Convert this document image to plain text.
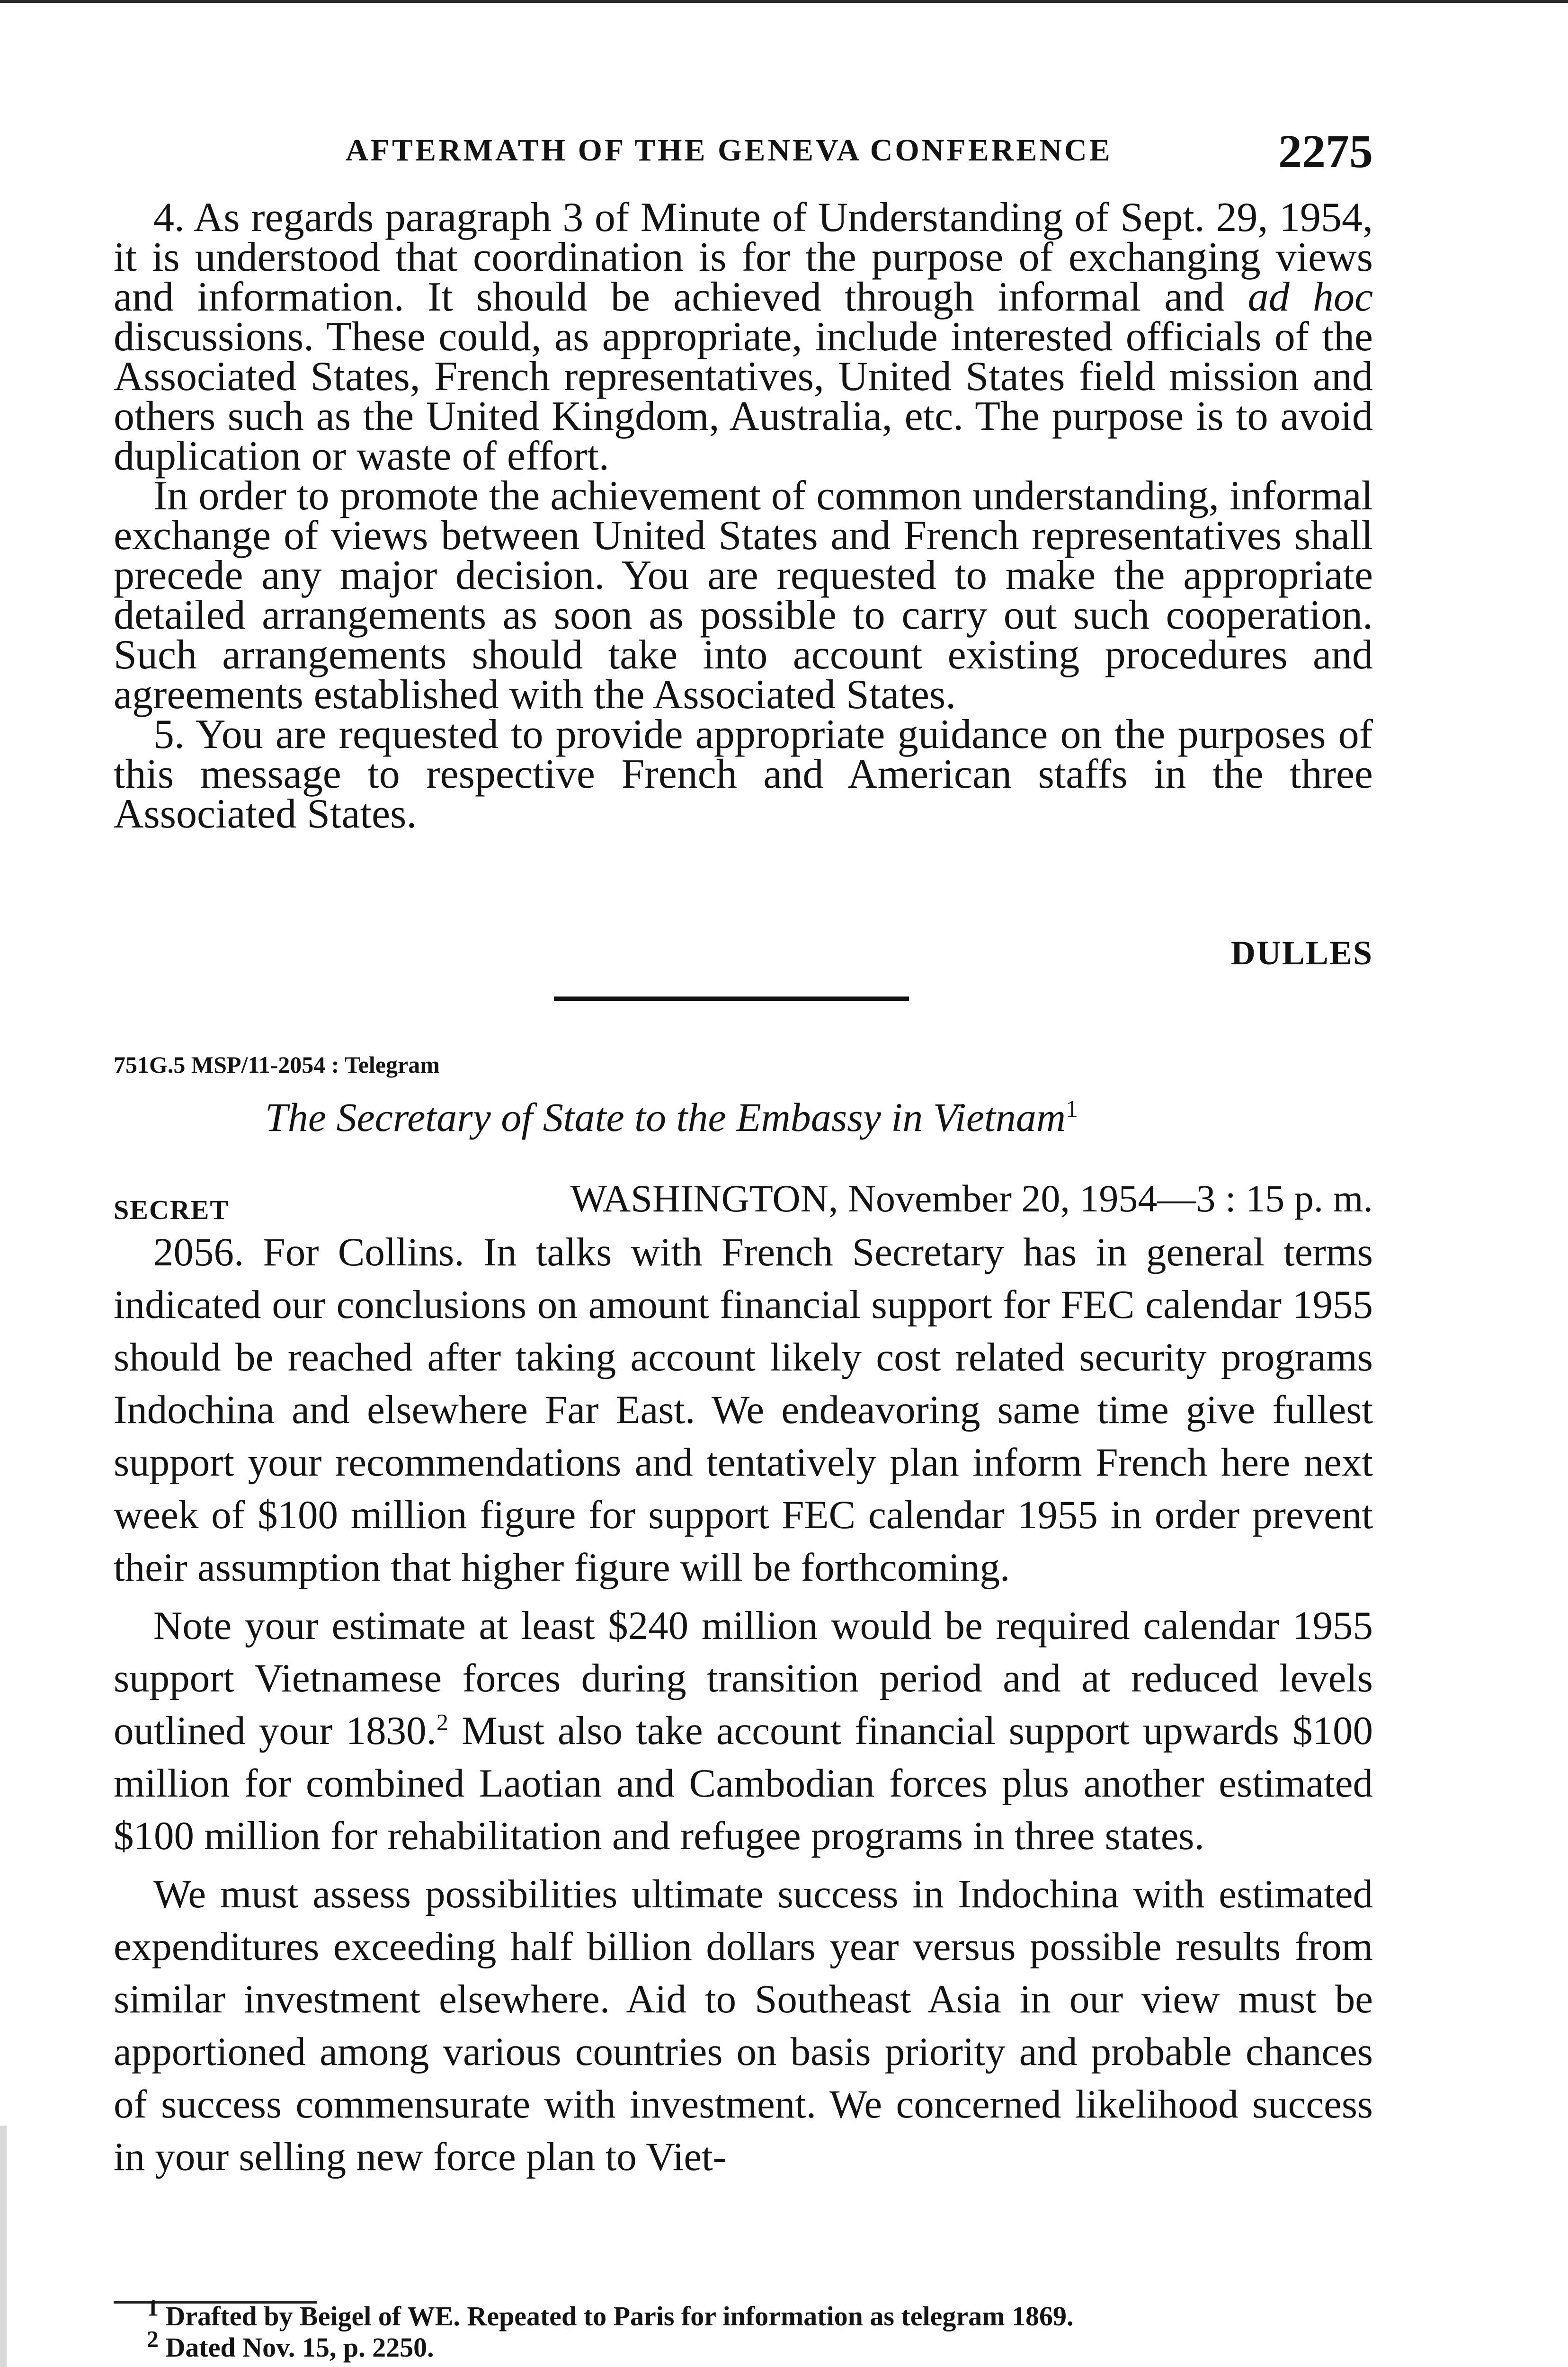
AFTERMATH OF THE GENEVA CONFERENCE	2275

4. As regards paragraph 3 of Minute of Understanding of Sept. 29, 1954, it is understood that coordination is for the purpose of exchanging views and information. It should be achieved through informal and ad hoc discussions. These could, as appropriate, include interested officials of the Associated States, French representatives, United States field mission and others such as the United Kingdom, Australia, etc. The purpose is to avoid duplication or waste of effort.

In order to promote the achievement of common understanding, informal exchange of views between United States and French representatives shall precede any major decision. You are requested to make the appropriate detailed arrangements as soon as possible to carry out such cooperation. Such arrangements should take into account existing procedures and agreements established with the Associated States.

5. You are requested to provide appropriate guidance on the purposes of this message to respective French and American staffs in the three Associated States.

DULLES
751G.5 MSP/11-2054 : Telegram
The Secretary of State to the Embassy in Vietnam$^1$
SECRET	WASHINGTON, November 20, 1954—3 : 15 p. m.

2056. For Collins. In talks with French Secretary has in general terms indicated our conclusions on amount financial support for FEC calendar 1955 should be reached after taking account likely cost related security programs Indochina and elsewhere Far East. We endeavoring same time give fullest support your recommendations and tentatively plan inform French here next week of $100 million figure for support FEC calendar 1955 in order prevent their assumption that higher figure will be forthcoming.

Note your estimate at least $240 million would be required calendar 1955 support Vietnamese forces during transition period and at reduced levels outlined your 1830.$^2$ Must also take account financial support upwards $100 million for combined Laotian and Cambodian forces plus another estimated $100 million for rehabilitation and refugee programs in three states.

We must assess possibilities ultimate success in Indochina with estimated expenditures exceeding half billion dollars year versus possible results from similar investment elsewhere. Aid to Southeast Asia in our view must be apportioned among various countries on basis priority and probable chances of success commensurate with investment. We concerned likelihood success in your selling new force plan to Viet-

$^1$ Drafted by Beigel of WE. Repeated to Paris for information as telegram 1869.

$^2$ Dated Nov. 15, p. 2250.
